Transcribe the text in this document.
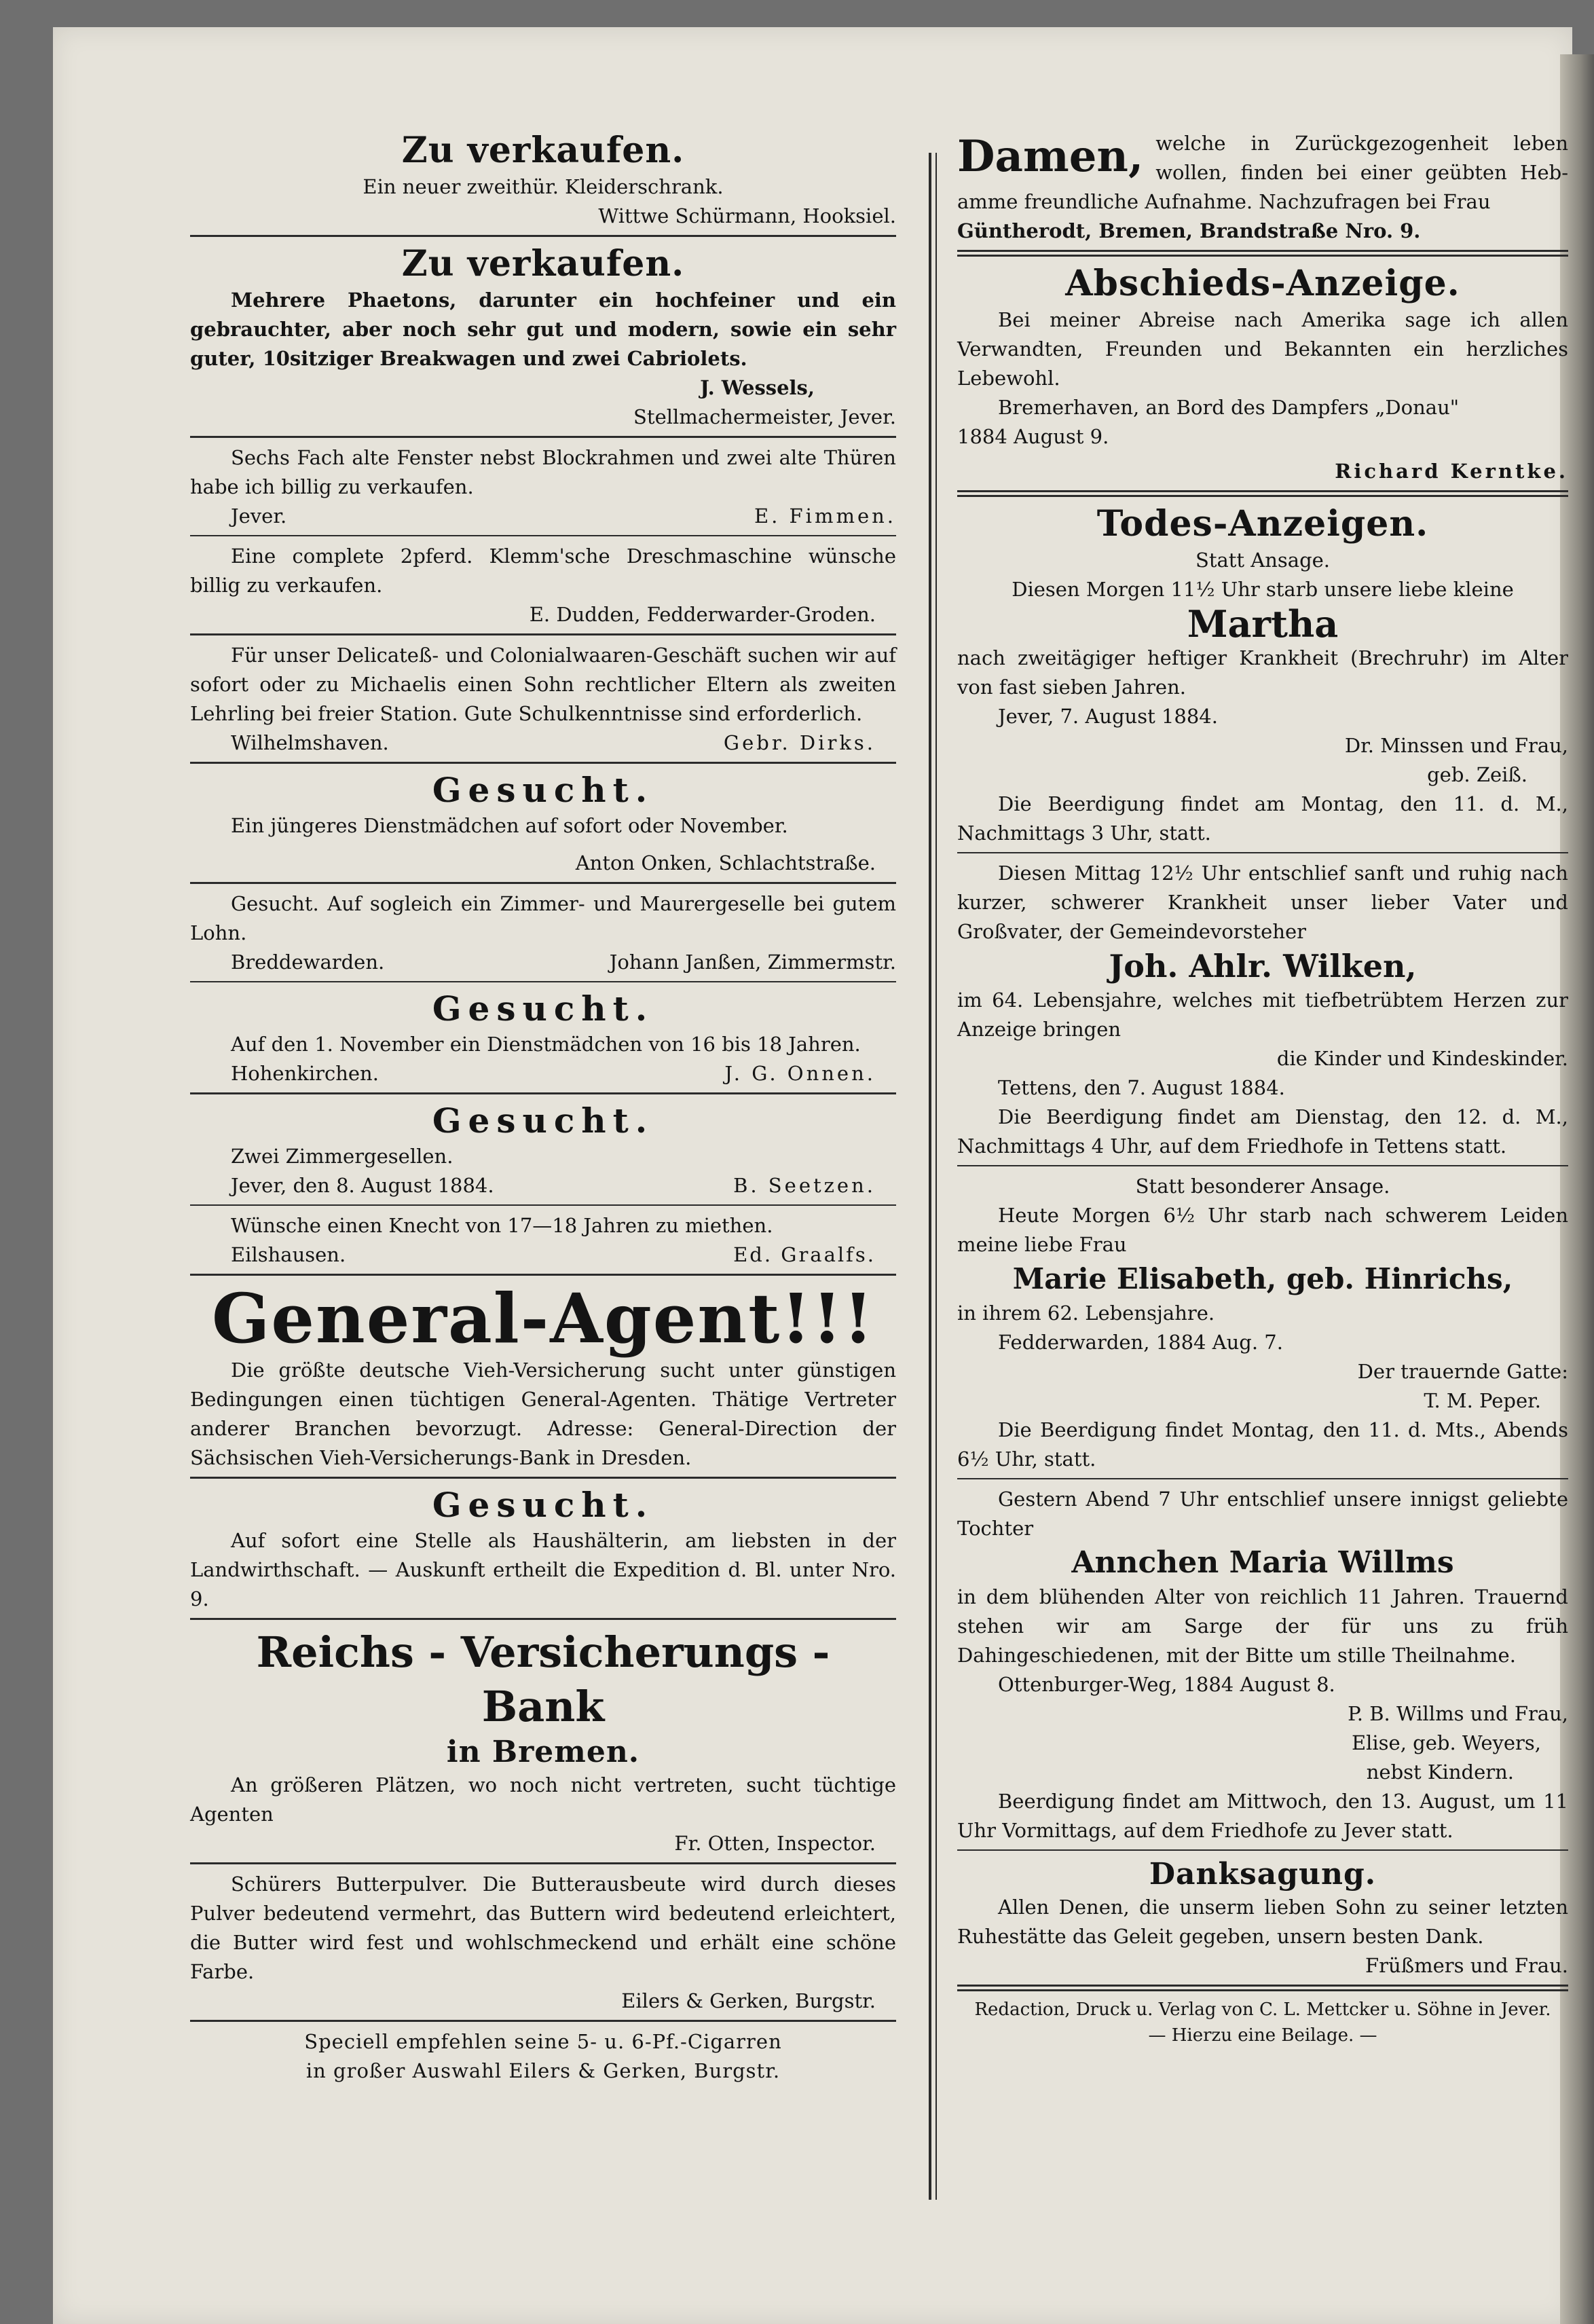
Zu verkaufen.

Ein neuer zweithür. Kleiderschrank.

Wittwe Schürmann, Hooksiel.

Zu verkaufen.

Mehrere Phaetons, darunter ein hochfeiner und ein gebrauchter, aber noch sehr gut und modern, sowie ein sehr guter, 10sitziger Breakwagen und zwei Cabriolets.

J. Wessels,

Stellmachermeister, Jever.

Sechs Fach alte Fenster nebst Blockrahmen und zwei alte Thüren habe ich billig zu verkaufen.

Jever.	E. Fimmen.

Eine complete 2pferd. Klemm'sche Dreschmaschine wünsche billig zu verkaufen.

E. Dudden, Fedderwarder-Groden.

Für unser Delicateß- und Colonialwaaren-Geschäft suchen wir auf sofort oder zu Michaelis einen Sohn rechtlicher Eltern als zweiten Lehrling bei freier Station. Gute Schulkenntnisse sind erforderlich.

Wilhelmshaven.	Gebr. Dirks.
Gesucht.

Ein jüngeres Dienstmädchen auf sofort oder November.

Anton Onken, Schlachtstraße.

Gesucht. Auf sogleich ein Zimmer- und Maurergeselle bei gutem Lohn.

Breddewarden.	Johann Janßen, Zimmermstr.
Gesucht.

Auf den 1. November ein Dienstmädchen von 16 bis 18 Jahren.

Hohenkirchen.	J. G. Onnen.
Gesucht.

Zwei Zimmergesellen.

Jever, den 8. August 1884.	B. Seetzen.

Wünsche einen Knecht von 17—18 Jahren zu miethen.

Eilshausen.	Ed. Graalfs.
General-Agent!!!

Die größte deutsche Vieh-Versicherung sucht unter günstigen Bedingungen einen tüchtigen General-Agenten. Thätige Vertreter anderer Branchen bevorzugt. Adresse: General-Direction der Sächsischen Vieh-Versicherungs-Bank in Dresden.

Gesucht.

Auf sofort eine Stelle als Haushälterin, am liebsten in der Landwirthschaft. — Auskunft ertheilt die Expedition d. Bl. unter Nro. 9.

Reichs - Versicherungs - Bank
in Bremen.

An größeren Plätzen, wo noch nicht vertreten, sucht tüchtige Agenten

Fr. Otten, Inspector.

Schürers Butterpulver. Die Butterausbeute wird durch dieses Pulver bedeutend vermehrt, das Buttern wird bedeutend erleichtert, die Butter wird fest und wohlschmeckend und erhält eine schöne Farbe.

Eilers & Gerken, Burgstr.

Speciell empfehlen seine 5- u. 6-Pf.-Cigarren

in großer Auswahl Eilers & Gerken, Burgstr.

Damen, welche in Zurückgezogenheit leben wollen, finden bei einer geübten Heb- amme freundliche Aufnahme. Nachzufragen bei Frau

Güntherodt, Bremen, Brandstraße Nro. 9.

Abschieds-Anzeige.

Bei meiner Abreise nach Amerika sage ich allen Verwandten, Freunden und Bekannten ein herzliches Lebewohl.

Bremerhaven, an Bord des Dampfers „Donau"

1884 August 9.

Richard Kerntke.

Todes-Anzeigen.

Statt Ansage.

Diesen Morgen 11½ Uhr starb unsere liebe kleine

Martha

nach zweitägiger heftiger Krankheit (Brechruhr) im Alter von fast sieben Jahren.

Jever, 7. August 1884.

Dr. Minssen und Frau,

geb. Zeiß.

Die Beerdigung findet am Montag, den 11. d. M., Nachmittags 3 Uhr, statt.

Diesen Mittag 12½ Uhr entschlief sanft und ruhig nach kurzer, schwerer Krankheit unser lieber Vater und Großvater, der Gemeindevorsteher

Joh. Ahlr. Wilken,

im 64. Lebensjahre, welches mit tiefbetrübtem Herzen zur Anzeige bringen

die Kinder und Kindeskinder.

Tettens, den 7. August 1884.

Die Beerdigung findet am Dienstag, den 12. d. M., Nachmittags 4 Uhr, auf dem Friedhofe in Tettens statt.

Statt besonderer Ansage.

Heute Morgen 6½ Uhr starb nach schwerem Leiden meine liebe Frau

Marie Elisabeth, geb. Hinrichs,

in ihrem 62. Lebensjahre.

Fedderwarden, 1884 Aug. 7.

Der trauernde Gatte:

T. M. Peper.

Die Beerdigung findet Montag, den 11. d. Mts., Abends 6½ Uhr, statt.

Gestern Abend 7 Uhr entschlief unsere innigst geliebte Tochter

Annchen Maria Willms

in dem blühenden Alter von reichlich 11 Jahren. Trauernd stehen wir am Sarge der für uns zu früh Dahingeschiedenen, mit der Bitte um stille Theilnahme.

Ottenburger-Weg, 1884 August 8.

P. B. Willms und Frau,

Elise, geb. Weyers,

nebst Kindern.

Beerdigung findet am Mittwoch, den 13. August, um 11 Uhr Vormittags, auf dem Friedhofe zu Jever statt.

Danksagung.

Allen Denen, die unserm lieben Sohn zu seiner letzten Ruhestätte das Geleit gegeben, unsern besten Dank.

Früßmers und Frau.

Redaction, Druck u. Verlag von C. L. Mettcker u. Söhne in Jever.
— Hierzu eine Beilage. —
